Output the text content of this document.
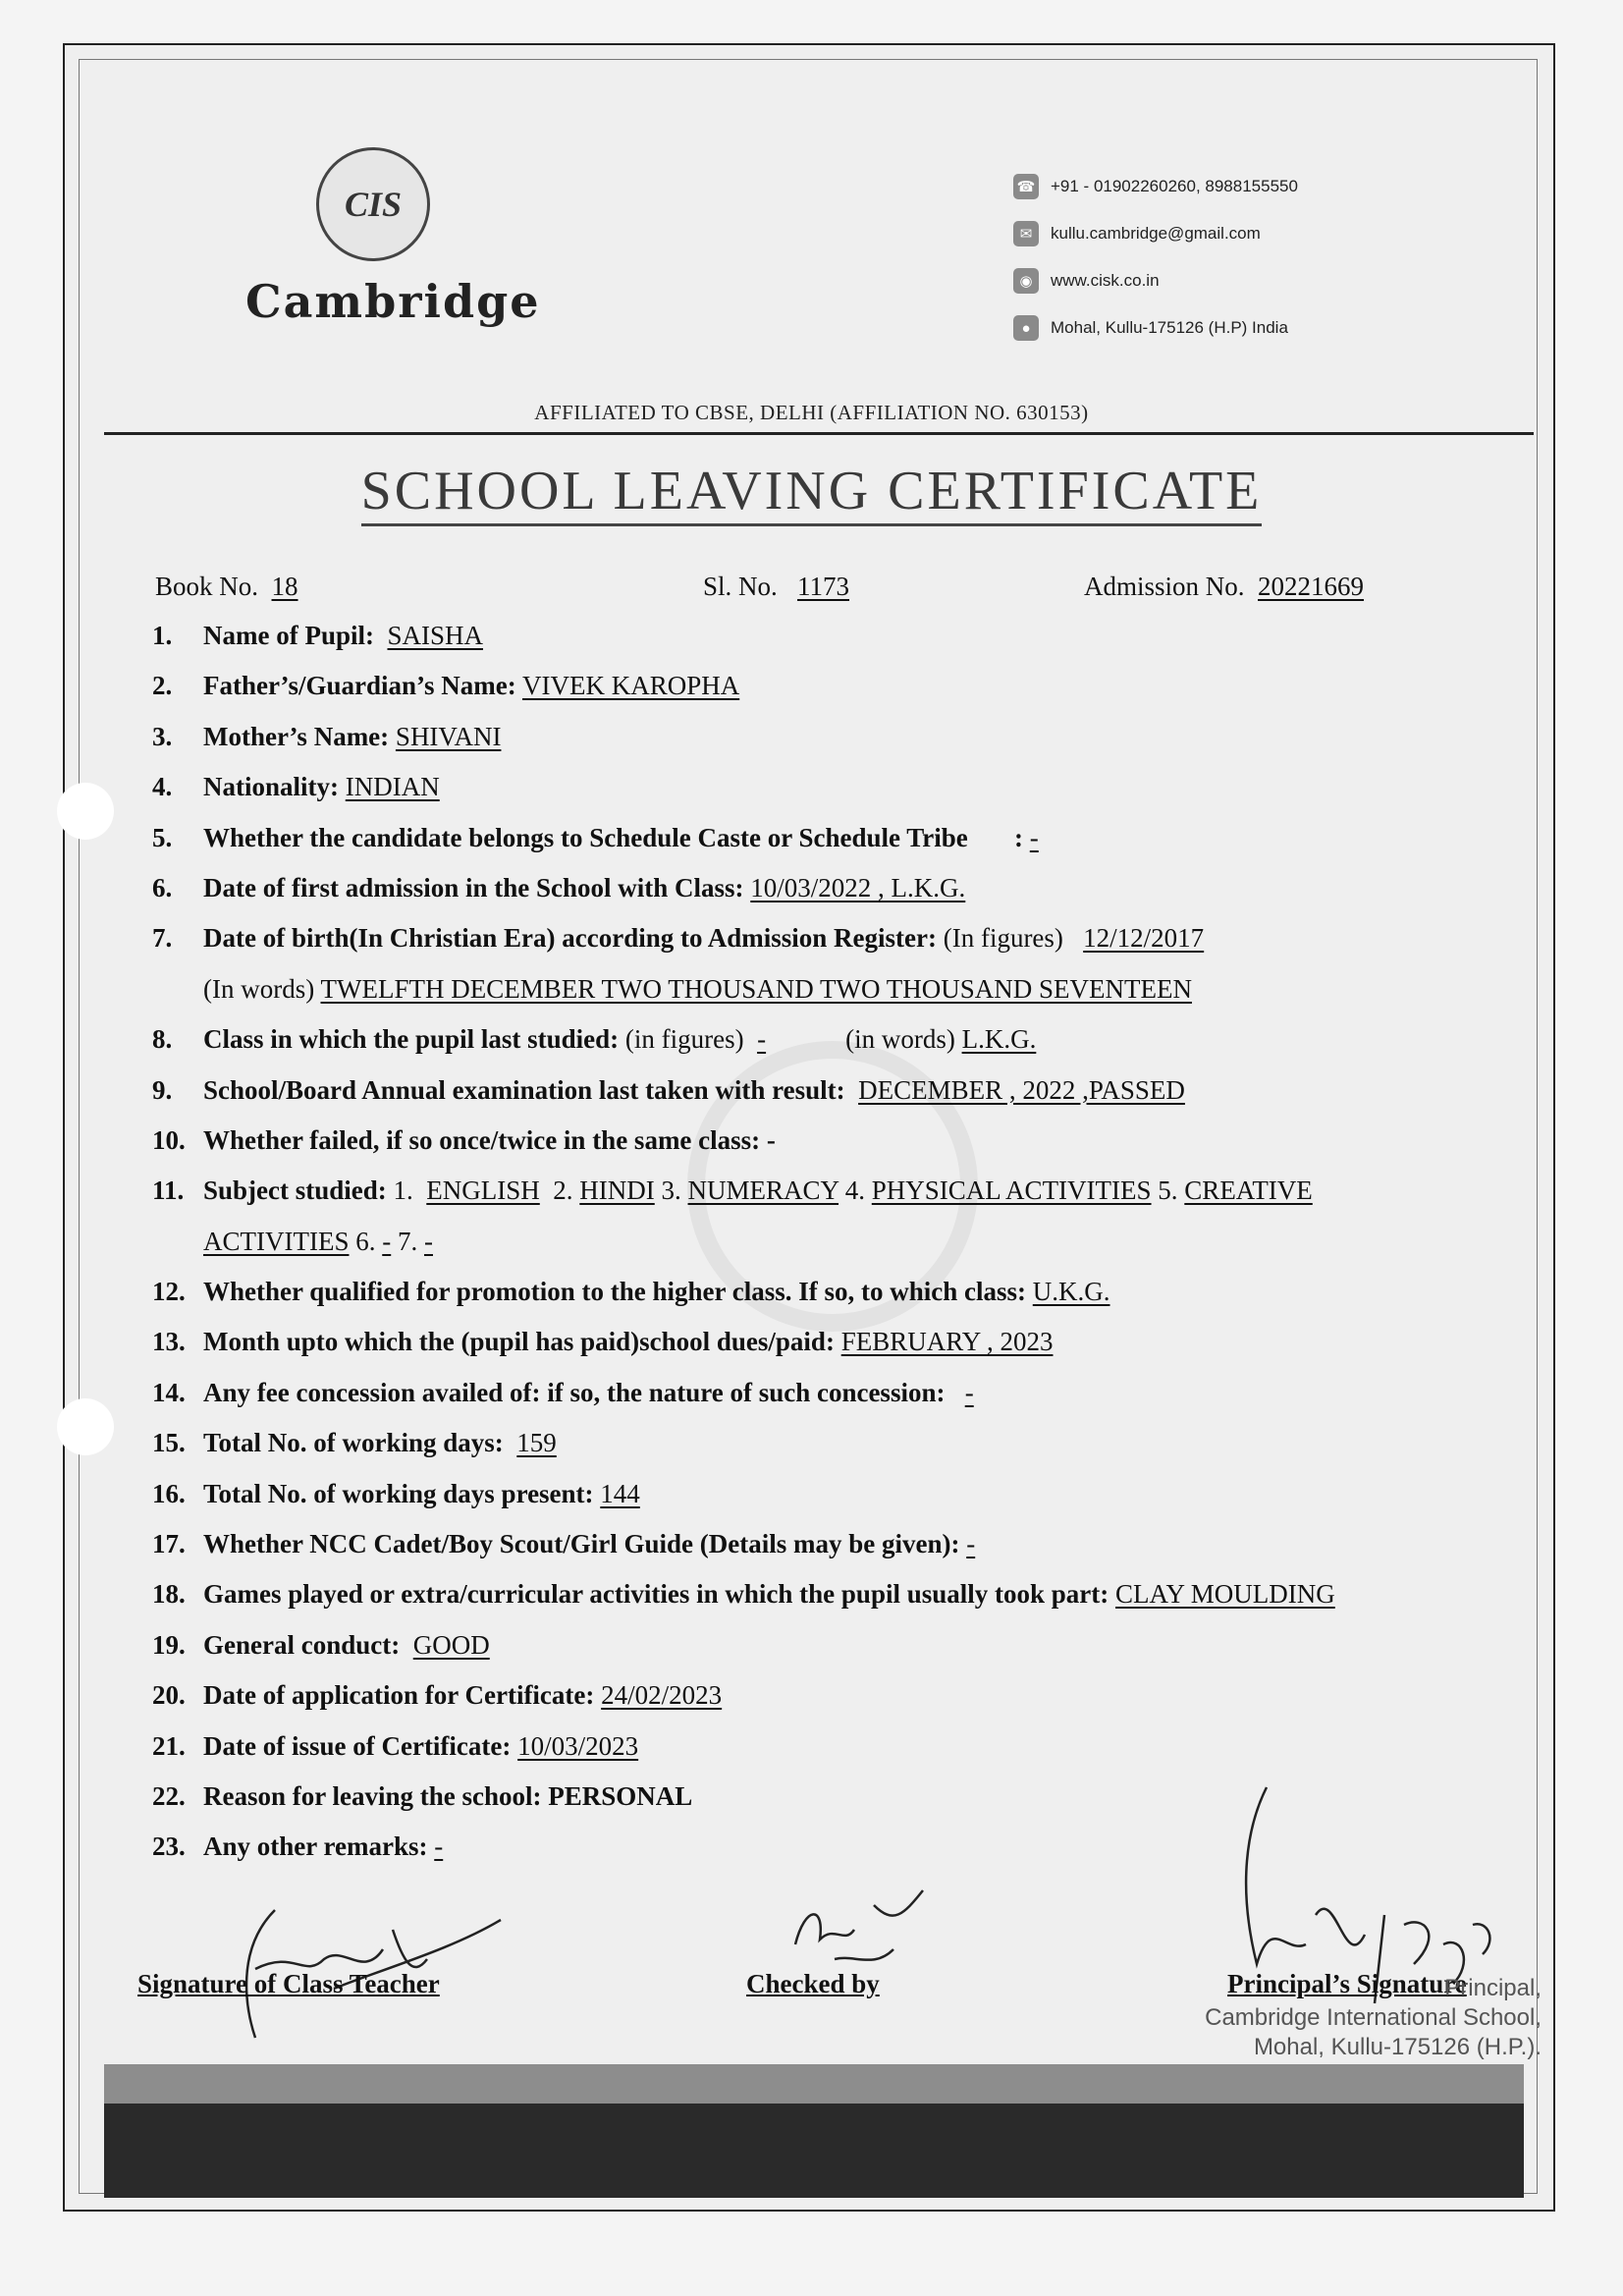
CIS
Cambridge
☎ +91 - 01902260260, 8988155550
✉	kullu.cambridge@gmail.com
◉	www.cisk.co.in
●	Mohal, Kullu-175126 (H.P) India
AFFILIATED TO CBSE, DELHI (AFFILIATION NO. 630153)
SCHOOL LEAVING CERTIFICATE
Book No. 18	Sl. No. 1173	Admission No. 20221669
1. Name of Pupil: SAISHA
2. Father’s/Guardian’s Name: VIVEK KAROPHA
3. Mother’s Name: SHIVANI
4. Nationality: INDIAN
5. Whether the candidate belongs to Schedule Caste or Schedule Tribe : -
6. Date of first admission in the School with Class: 10/03/2022 , L.K.G.
7. Date of birth(In Christian Era) according to Admission Register: (In figures) 12/12/2017
(In words) TWELFTH DECEMBER TWO THOUSAND TWO THOUSAND SEVENTEEN
8. Class in which the pupil last studied: (in figures) -	(in words) L.K.G.
9. School/Board Annual examination last taken with result: DECEMBER , 2022 ,PASSED
10. Whether failed, if so once/twice in the same class: -
11. Subject studied: 1. ENGLISH 2. HINDI 3. NUMERACY 4. PHYSICAL ACTIVITIES 5. CREATIVE
ACTIVITIES 6. - 7. -
12. Whether qualified for promotion to the higher class. If so, to which class: U.K.G.
13. Month upto which the (pupil has paid)school dues/paid: FEBRUARY , 2023
14. Any fee concession availed of: if so, the nature of such concession: -
15. Total No. of working days: 159
16. Total No. of working days present: 144
17. Whether NCC Cadet/Boy Scout/Girl Guide (Details may be given): -
18. Games played or extra/curricular activities in which the pupil usually took part: CLAY MOULDING
19. General conduct: GOOD
20. Date of application for Certificate: 24/02/2023
21. Date of issue of Certificate: 10/03/2023
22. Reason for leaving the school: PERSONAL
23. Any other remarks: -
Signature of Class Teacher	Checked by	Principal’s Signature
Principal,
Cambridge International School,
Mohal, Kullu-175126 (H.P.).
